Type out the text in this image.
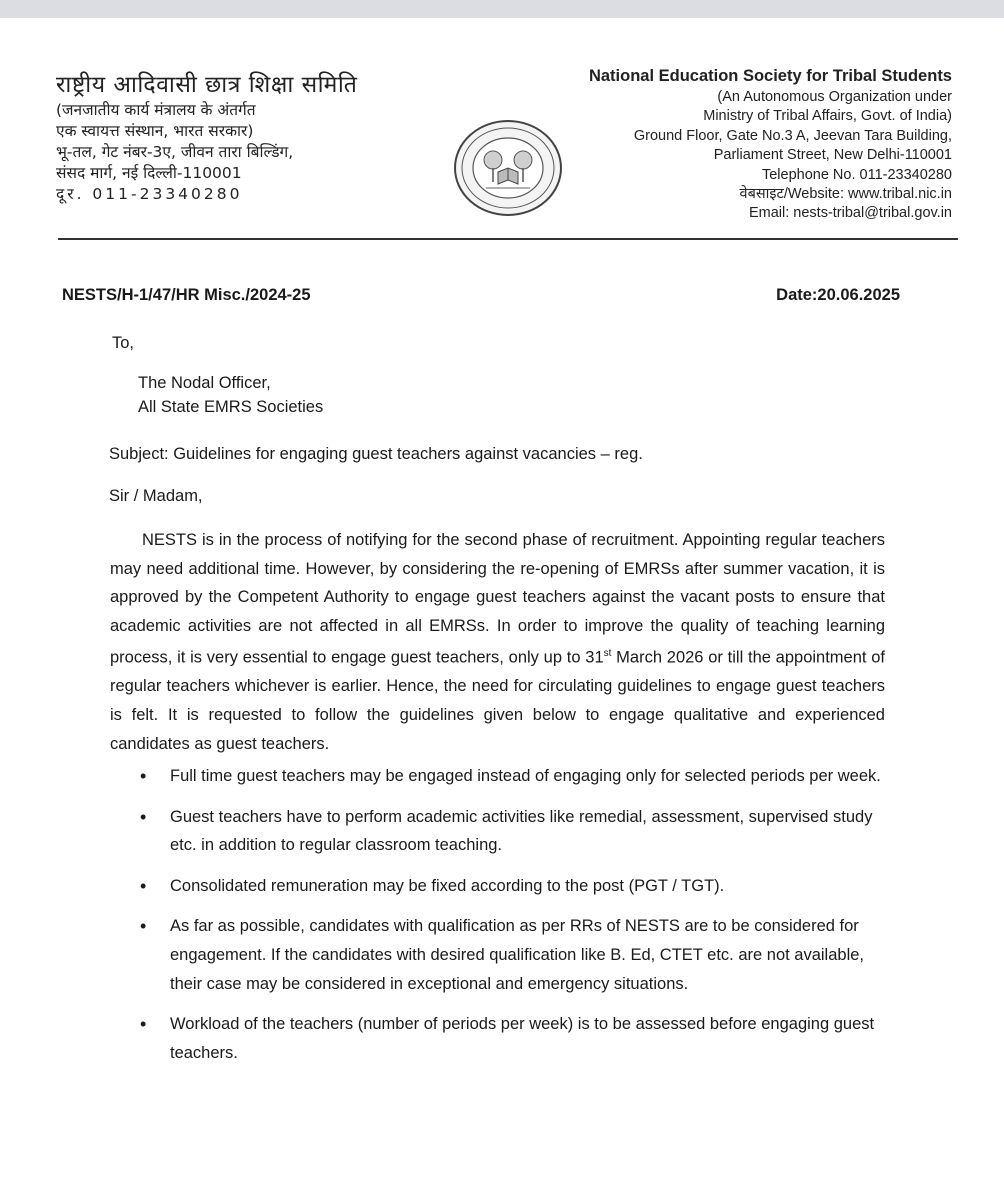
राष्ट्रीय आदिवासी छात्र शिक्षा समिति
(जनजातीय कार्य मंत्रालय के अंतर्गत
एक स्वायत्त संस्थान, भारत सरकार)
भू-तल, गेट नंबर-3ए, जीवन तारा बिल्डिंग,
संसद मार्ग, नई दिल्ली-110001
दूर. 011-23340280
National Education Society for Tribal Students
(An Autonomous Organization under
Ministry of Tribal Affairs, Govt. of India)
Ground Floor, Gate No.3 A, Jeevan Tara Building,
Parliament Street, New Delhi-110001
Telephone No. 011-23340280
वेबसाइट/Website: www.tribal.nic.in
Email: nests-tribal@tribal.gov.in
NESTS/H-1/47/HR Misc./2024-25	Date:20.06.2025
To,
The Nodal Officer,
All State EMRS Societies
Subject: Guidelines for engaging guest teachers against vacancies – reg.
Sir / Madam,

NESTS is in the process of notifying for the second phase of recruitment. Appointing regular teachers may need additional time. However, by considering the re-opening of EMRSs after summer vacation, it is approved by the Competent Authority to engage guest teachers against the vacant posts to ensure that academic activities are not affected in all EMRSs. In order to improve the quality of teaching learning process, it is very essential to engage guest teachers, only up to 31st March 2026 or till the appointment of regular teachers whichever is earlier. Hence, the need for circulating guidelines to engage guest teachers is felt. It is requested to follow the guidelines given below to engage qualitative and experienced candidates as guest teachers.

• Full time guest teachers may be engaged instead of engaging only for selected periods per week.
• Guest teachers have to perform academic activities like remedial, assessment, supervised study etc. in addition to regular classroom teaching.
• Consolidated remuneration may be fixed according to the post (PGT / TGT).
• As far as possible, candidates with qualification as per RRs of NESTS are to be considered for engagement. If the candidates with desired qualification like B. Ed, CTET etc. are not available, their case may be considered in exceptional and emergency situations.
• Workload of the teachers (number of periods per week) is to be assessed before engaging guest teachers.
